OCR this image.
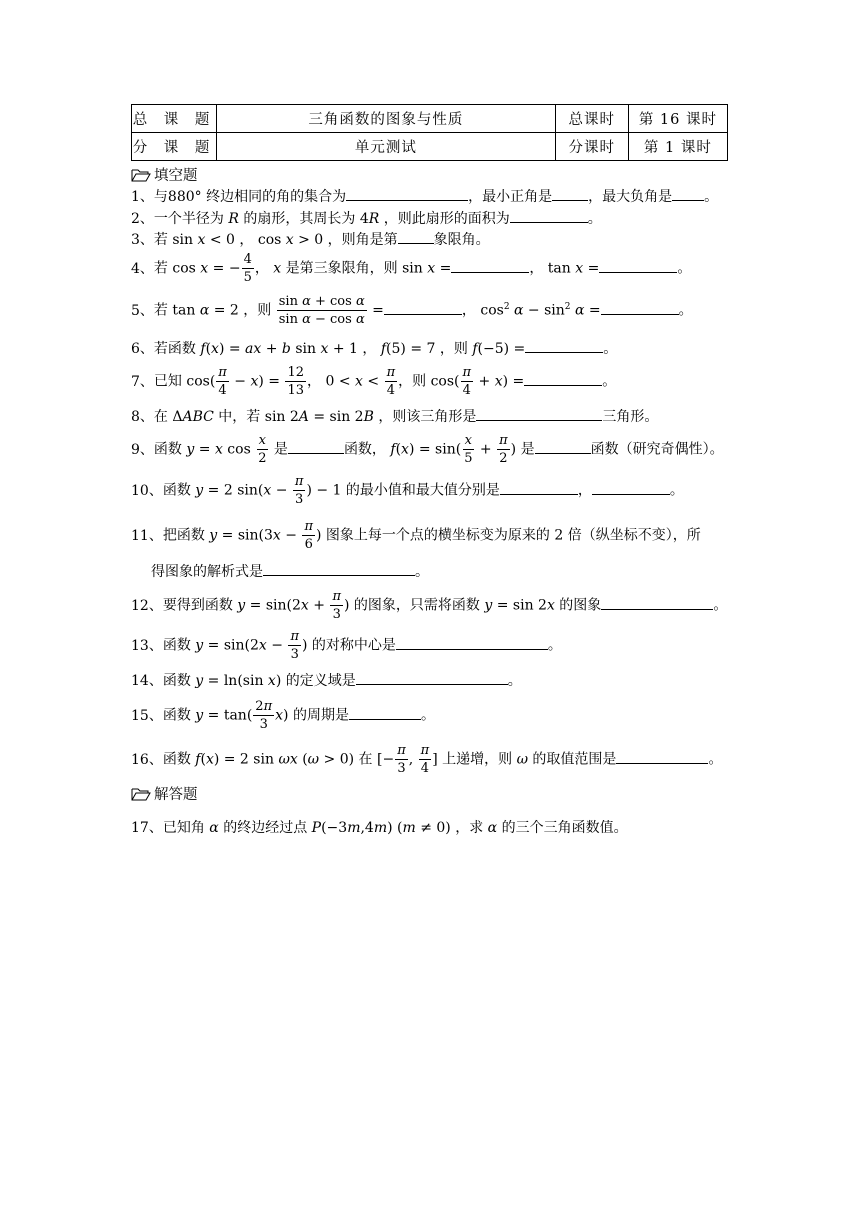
总 课 题	三角函数的图象与性质	总课时	第 16 课时
分 课 题	单元测试	分课时	第 1 课时
填空题
1、与880° 终边相同的角的集合为	，最小正角是	，最大负角是 。
2、一个半径为 R 的扇形，其周长为 4R ，则此扇形的面积为	。
3、若 sin x < 0 ， cos x > 0 ，则角是第	象限角。
4、若 cos x = − $\frac{4}{5}$ ， x 是第三象限角，则 sin x =	， tan x =	。
5、若 tan α = 2 ，则 $\frac{\text{sin α + cos α}}{\text{sin α − cos α}}$ =	， $\cos^2 \alpha - \sin^2 \alpha$ =	。
6、若函数 f(x) = ax + b sin x + 1 ， f(5) = 7 ，则 f(−5) =	。
7、已知 $\cos( \frac{\pi}{4} - x) = \frac{12}{13}$ ， $0 < x < \frac{\pi}{4}$ ，则 $\cos( \frac{\pi}{4} + x)$ =	。
8、在 ΔABC 中，若 sin 2A = sin 2B ，则该三角形是	三角形。
9、函数 y = x $\cos \frac{x}{2}$ 是	函数， $f(x) = \sin( \frac{x}{5} + \frac{\pi}{2}$ ) 是	函数（研究奇偶性）。
10、函数 y = 2 $\sin(x - \frac{\pi}{3}$ ) − 1 的最小值和最大值分别是	，	。
11、把函数 $y = \sin(3x - \frac{\pi}{6}$ ) 图象上每一个点的横坐标变为原来的 2 倍（纵坐标不变），所
得图象的解析式是	。
12、要得到函数 $y = \sin(2x + \frac{\pi}{3}$ ) 的图象，只需将函数 y = sin 2x 的图象	。
13、函数 $y = \sin(2x - \frac{\pi}{3}$ ) 的对称中心是	。
14、函数 y = ln(sin x) 的定义域是	。
15、函数 $y = \tan( \frac{2\pi}{3} x)$ 的周期是	。
16、函数 f(x) = 2 sin ωx (ω > 0) 在 [− $\frac{\pi}{3}$ , $\frac{\pi}{4}$ ] 上递增，则 ω 的取值范围是	。
解答题
17、已知角 α 的终边经过点 P(−3m,4m) (m ≠ 0) ，求 α 的三个三角函数值。
